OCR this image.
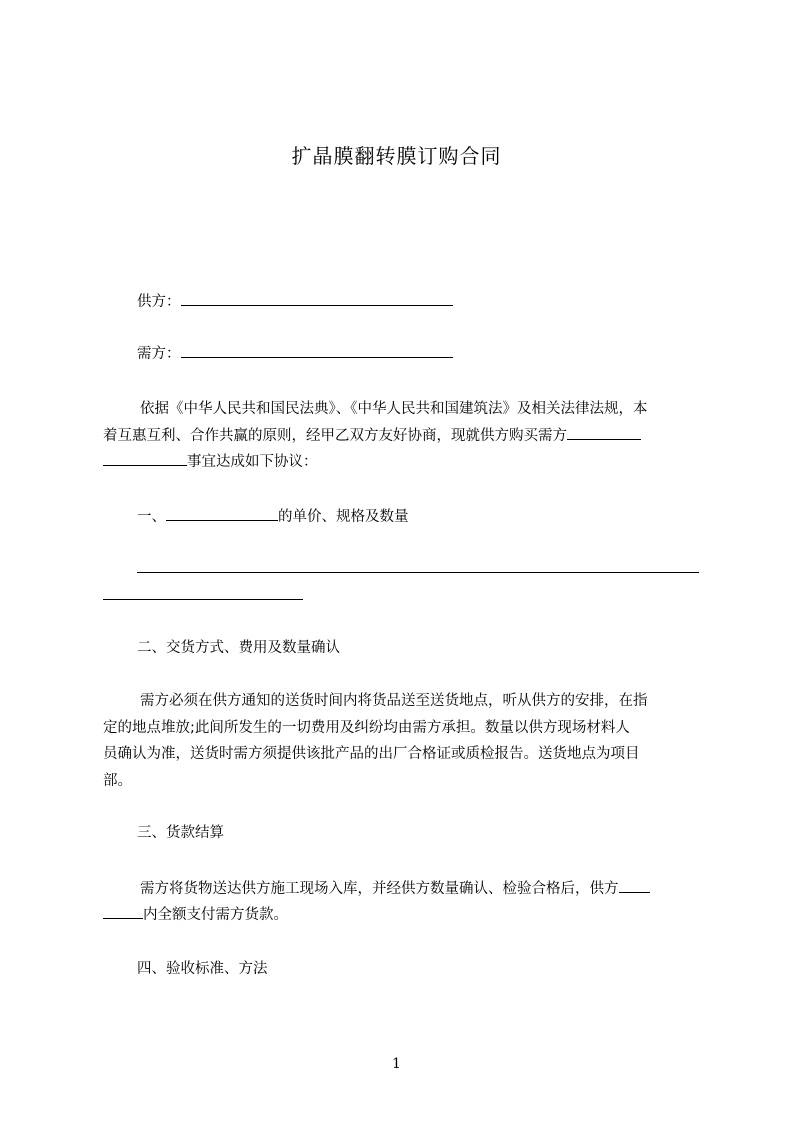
扩晶膜翻转膜订购合同
供方：
需方：
依据《中华人民共和国民法典》、《中华人民共和国建筑法》及相关法律法规，本
着互惠互利、合作共赢的原则，经甲乙双方友好协商，现就供方购买需方
事宜达成如下协议：
一、	的单价、规格及数量
二、交货方式、费用及数量确认
需方必须在供方通知的送货时间内将货品送至送货地点，听从供方的安排，在指
定的地点堆放;此间所发生的一切费用及纠纷均由需方承担。数量以供方现场材料人
员确认为准，送货时需方须提供该批产品的出厂合格证或质检报告。送货地点为项目
部。
三、货款结算
需方将货物送达供方施工现场入库，并经供方数量确认、检验合格后，供方
内全额支付需方货款。
四、验收标准、方法
1
